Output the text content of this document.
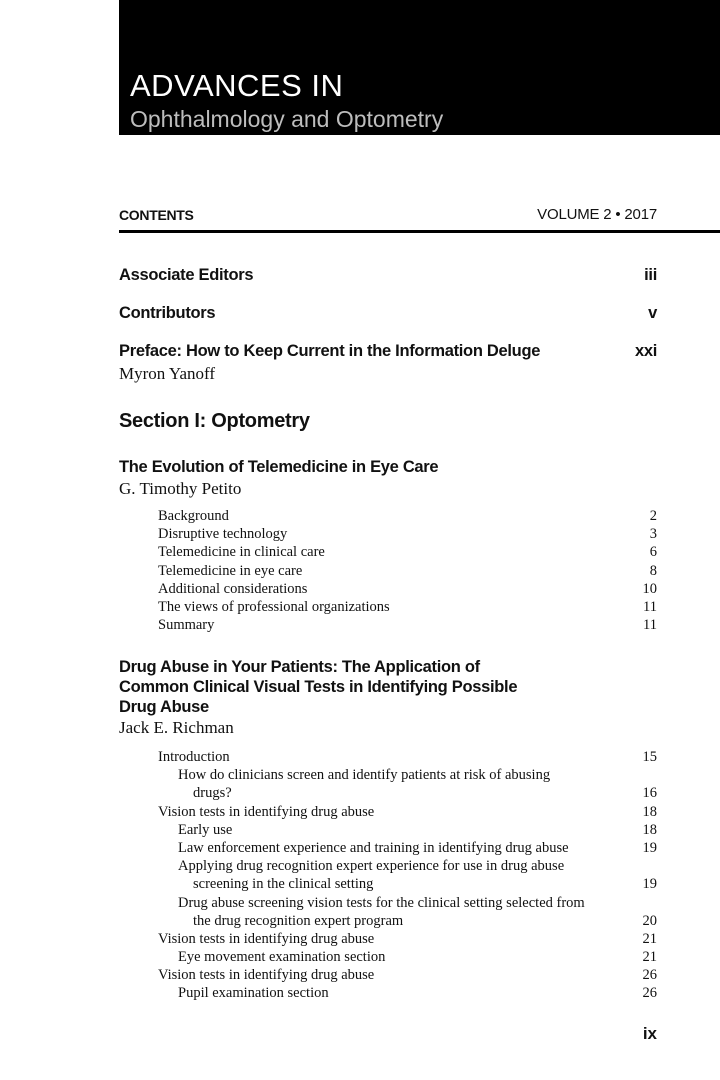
ADVANCES IN
Ophthalmology and Optometry
CONTENTS	VOLUME 2 • 2017
Associate Editors	iii
Contributors	v
Preface: How to Keep Current in the Information Deluge	xxi
Myron Yanoff
Section I: Optometry
The Evolution of Telemedicine in Eye Care
G. Timothy Petito
Background	2
Disruptive technology	3
Telemedicine in clinical care	6
Telemedicine in eye care	8
Additional considerations	10
The views of professional organizations	11
Summary	11
Drug Abuse in Your Patients: The Application of
Common Clinical Visual Tests in Identifying Possible
Drug Abuse
Jack E. Richman
Introduction	15
How do clinicians screen and identify patients at risk of abusing
drugs?	16
Vision tests in identifying drug abuse	18
Early use	18
Law enforcement experience and training in identifying drug abuse	19
Applying drug recognition expert experience for use in drug abuse
screening in the clinical setting	19
Drug abuse screening vision tests for the clinical setting selected from
the drug recognition expert program	20
Vision tests in identifying drug abuse	21
Eye movement examination section	21
Vision tests in identifying drug abuse	26
Pupil examination section	26
ix
